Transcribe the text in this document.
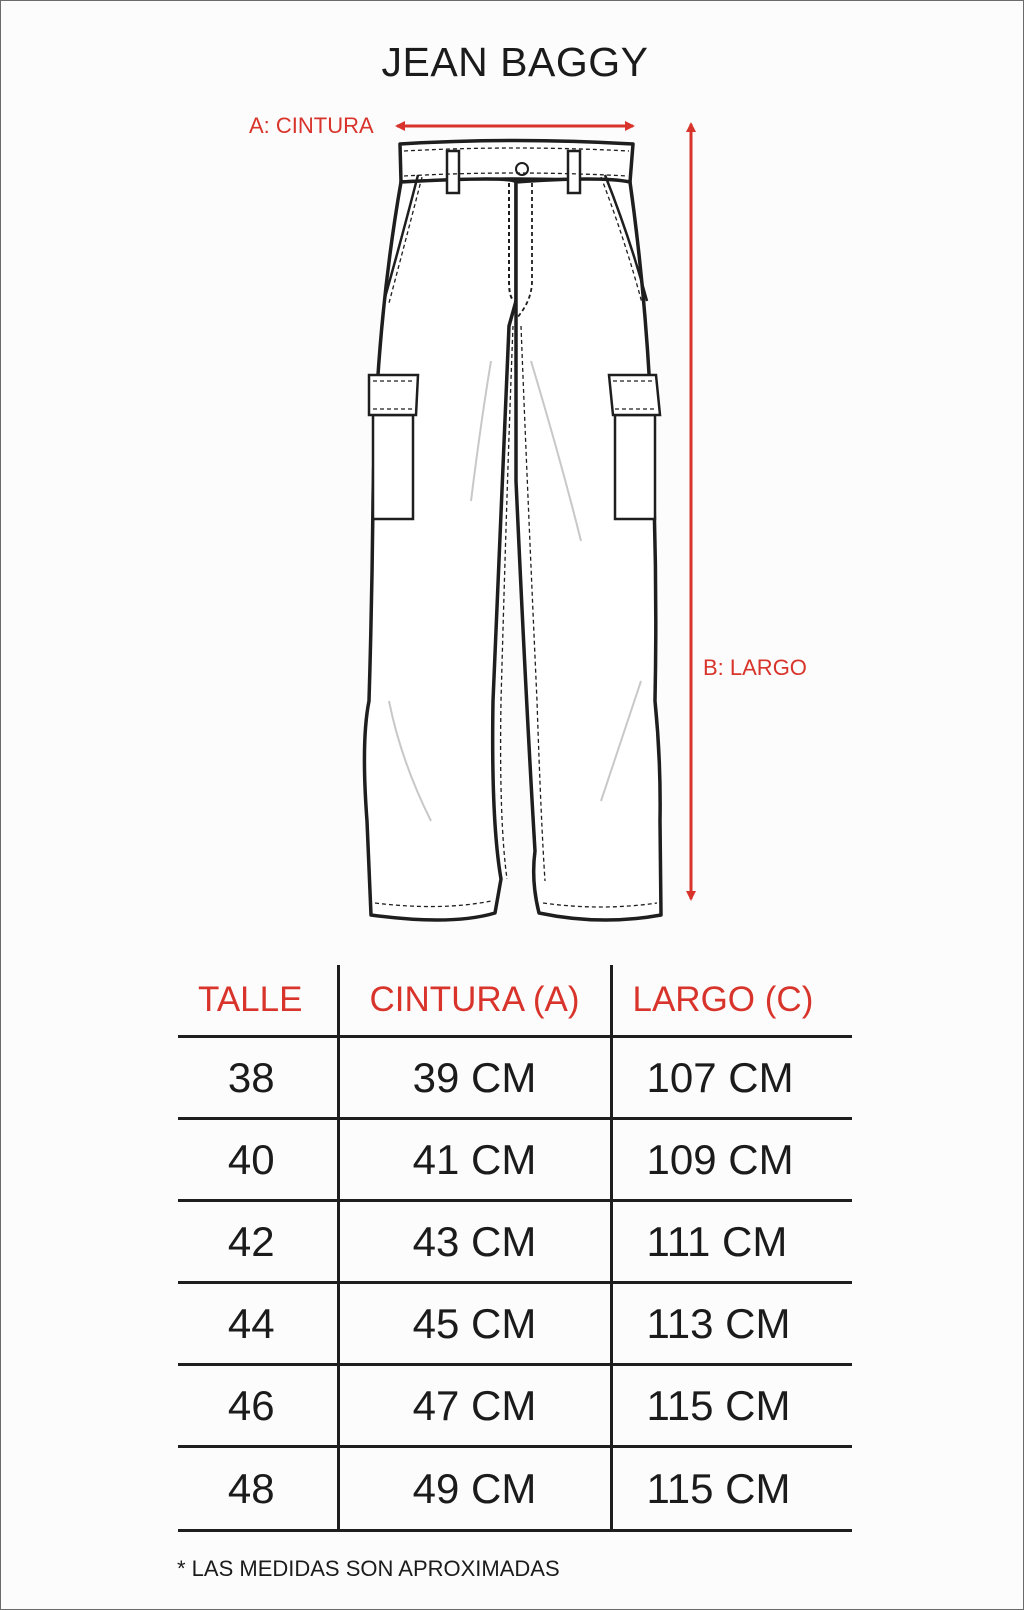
JEAN BAGGY
A: CINTURA
B: LARGO
TALLE	CINTURA (A)	LARGO (C)
38	39 CM	107 CM
40	41 CM	109 CM
42	43 CM	111 CM
44	45 CM	113 CM
46	47 CM	115 CM
48	49 CM	115 CM
* LAS MEDIDAS SON APROXIMADAS
